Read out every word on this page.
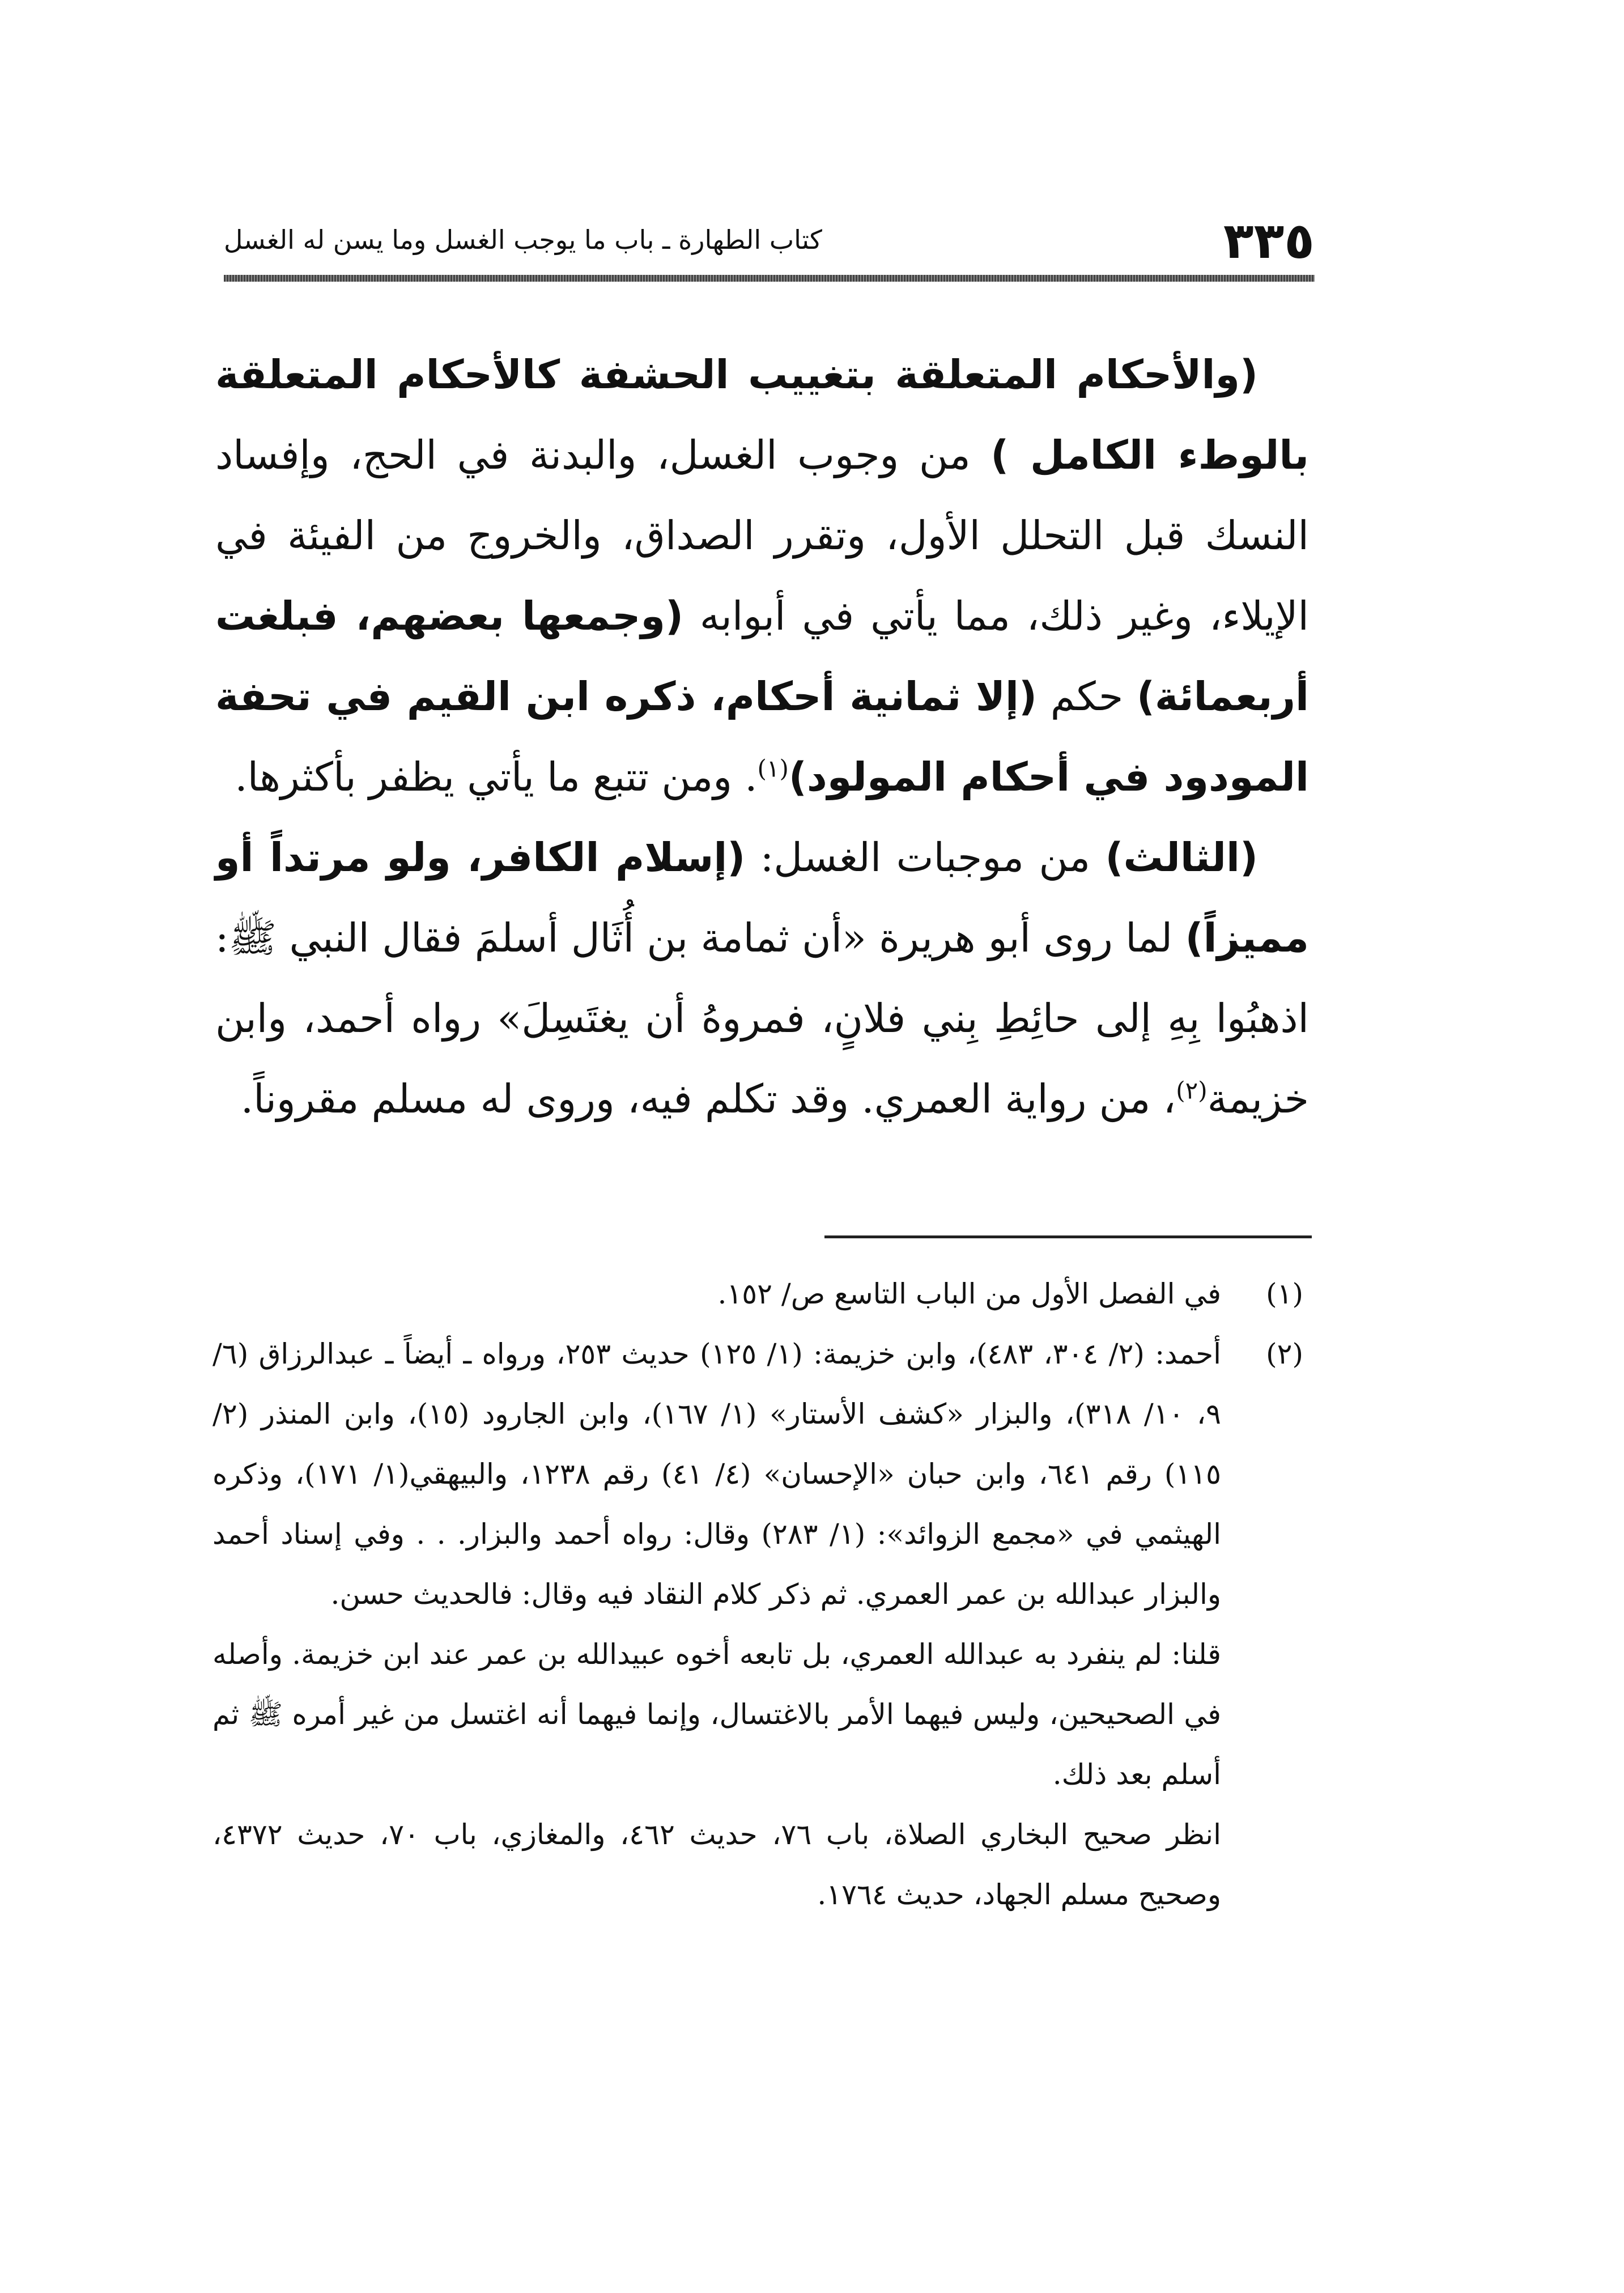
٣٣٥
كتاب الطهارة ـ باب ما يوجب الغسل وما يسن له الغسل

(والأحكام المتعلقة بتغييب الحشفة كالأحكام المتعلقة بالوطء الكامل ) من وجوب الغسل، والبدنة في الحج، وإفساد النسك قبل التحلل الأول، وتقرر الصداق، والخروج من الفيئة في الإيلاء، وغير ذلك، مما يأتي في أبوابه (وجمعها بعضهم، فبلغت أربعمائة) حكم (إلا ثمانية أحكام، ذكره ابن القيم في تحفة المودود في أحكام المولود)$^{(١)}$. ومن تتبع ما يأتي يظفر بأكثرها.

(الثالث) من موجبات الغسل: (إسلام الكافر، ولو مرتداً أو مميزاً) لما روى أبو هريرة «أن ثمامة بن أُثَال أسلمَ فقال النبي ﷺ: اذهبُوا بِهِ إلى حائِطِ بِني فلانٍ، فمروهُ أن يغتَسِلَ» رواه أحمد، وابن خزيمة$^{(٢)}$، من رواية العمري. وقد تكلم فيه، وروى له مسلم مقروناً.

(١)
في الفصل الأول من الباب التاسع ص/ ١٥٢.
(٢)
أحمد: (٢/ ٣٠٤، ٤٨٣)، وابن خزيمة: (١/ ١٢٥) حديث ٢٥٣، ورواه ـ أيضاً ـ عبدالرزاق (٦/ ٩، ١٠/ ٣١٨)، والبزار «كشف الأستار» (١/ ١٦٧)، وابن الجارود (١٥)، وابن المنذر (٢/ ١١٥) رقم ٦٤١، وابن حبان «الإحسان» (٤/ ٤١) رقم ١٢٣٨، والبيهقي(١/ ١٧١)، وذكره الهيثمي في «مجمع الزوائد»: (١/ ٢٨٣) وقال: رواه أحمد والبزار. . . وفي إسناد أحمد والبزار عبدالله بن عمر العمري. ثم ذكر كلام النقاد فيه وقال: فالحديث حسن.
قلنا: لم ينفرد به عبدالله العمري، بل تابعه أخوه عبيدالله بن عمر عند ابن خزيمة. وأصله في الصحيحين، وليس فيهما الأمر بالاغتسال، وإنما فيهما أنه اغتسل من غير أمره ﷺ ثم أسلم بعد ذلك.
انظر صحيح البخاري الصلاة، باب ٧٦، حديث ٤٦٢، والمغازي، باب ٧٠، حديث ٤٣٧٢، وصحيح مسلم الجهاد، حديث ١٧٦٤.
